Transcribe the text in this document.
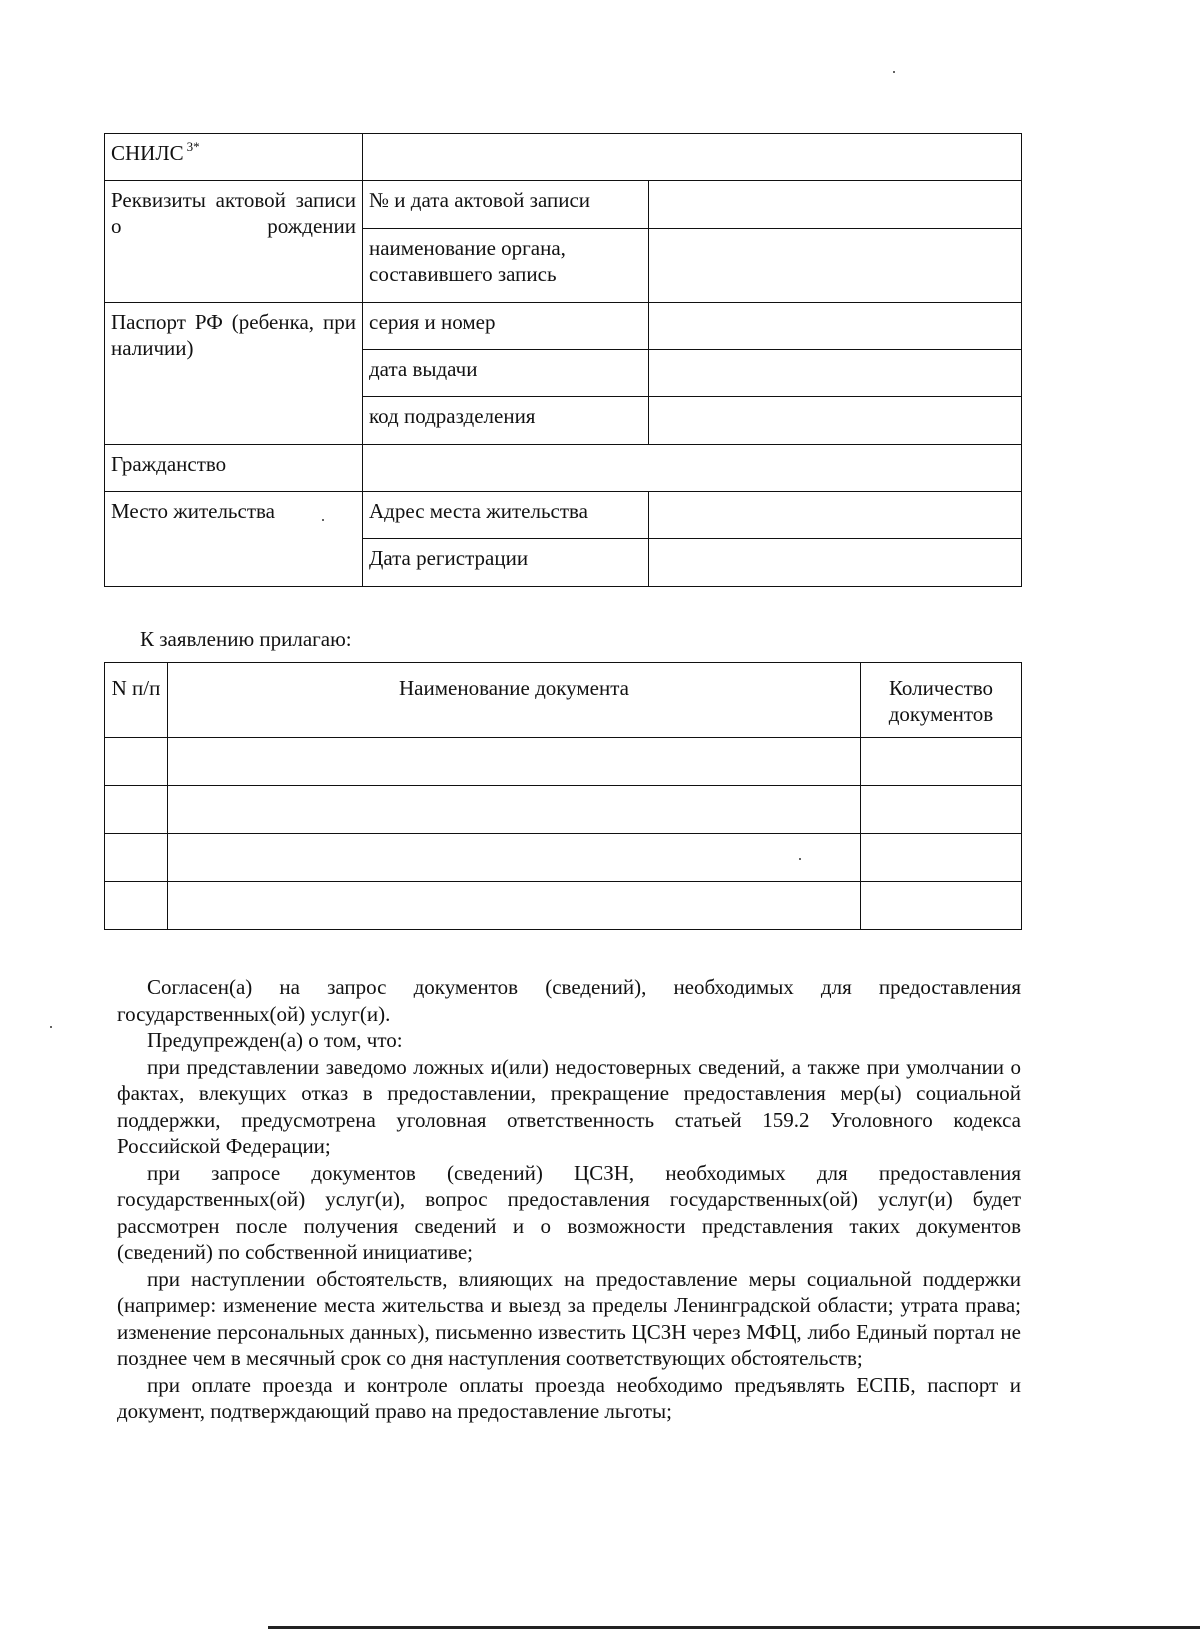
СНИЛС $^{3*}$	

Реквизиты актовой записи о рождении	№ и дата актовой записи	
	наименование органа, составившего запись	

Паспорт РФ (ребенка, при наличии)	серия и номер	
	дата выдачи	
	код подразделения	
Гражданство		
Место жительства	Адрес места жительства	
	Дата регистрации	
К заявлению прилагаю:
N п/п	Наименование документа	Количество документов

Согласен(а) на запрос документов (сведений), необходимых для предоставления государственных(ой) услуг(и).

Предупрежден(а) о том, что:

при представлении заведомо ложных и(или) недостоверных сведений, а также при умолчании о фактах, влекущих отказ в предоставлении, прекращение предоставления мер(ы) социальной поддержки, предусмотрена уголовная ответственность статьей 159.2 Уголовного кодекса Российской Федерации;

при запросе документов (сведений) ЦСЗН, необходимых для предоставления государственных(ой) услуг(и), вопрос предоставления государственных(ой) услуг(и) будет рассмотрен после получения сведений и о возможности представления таких документов (сведений) по собственной инициативе;

при наступлении обстоятельств, влияющих на предоставление меры социальной поддержки (например: изменение места жительства и выезд за пределы Ленинградской области; утрата права; изменение персональных данных), письменно известить ЦСЗН через МФЦ, либо Единый портал не позднее чем в месячный срок со дня наступления соответствующих обстоятельств;

при оплате проезда и контроле оплаты проезда необходимо предъявлять ЕСПБ, паспорт и документ, подтверждающий право на предоставление льготы;
